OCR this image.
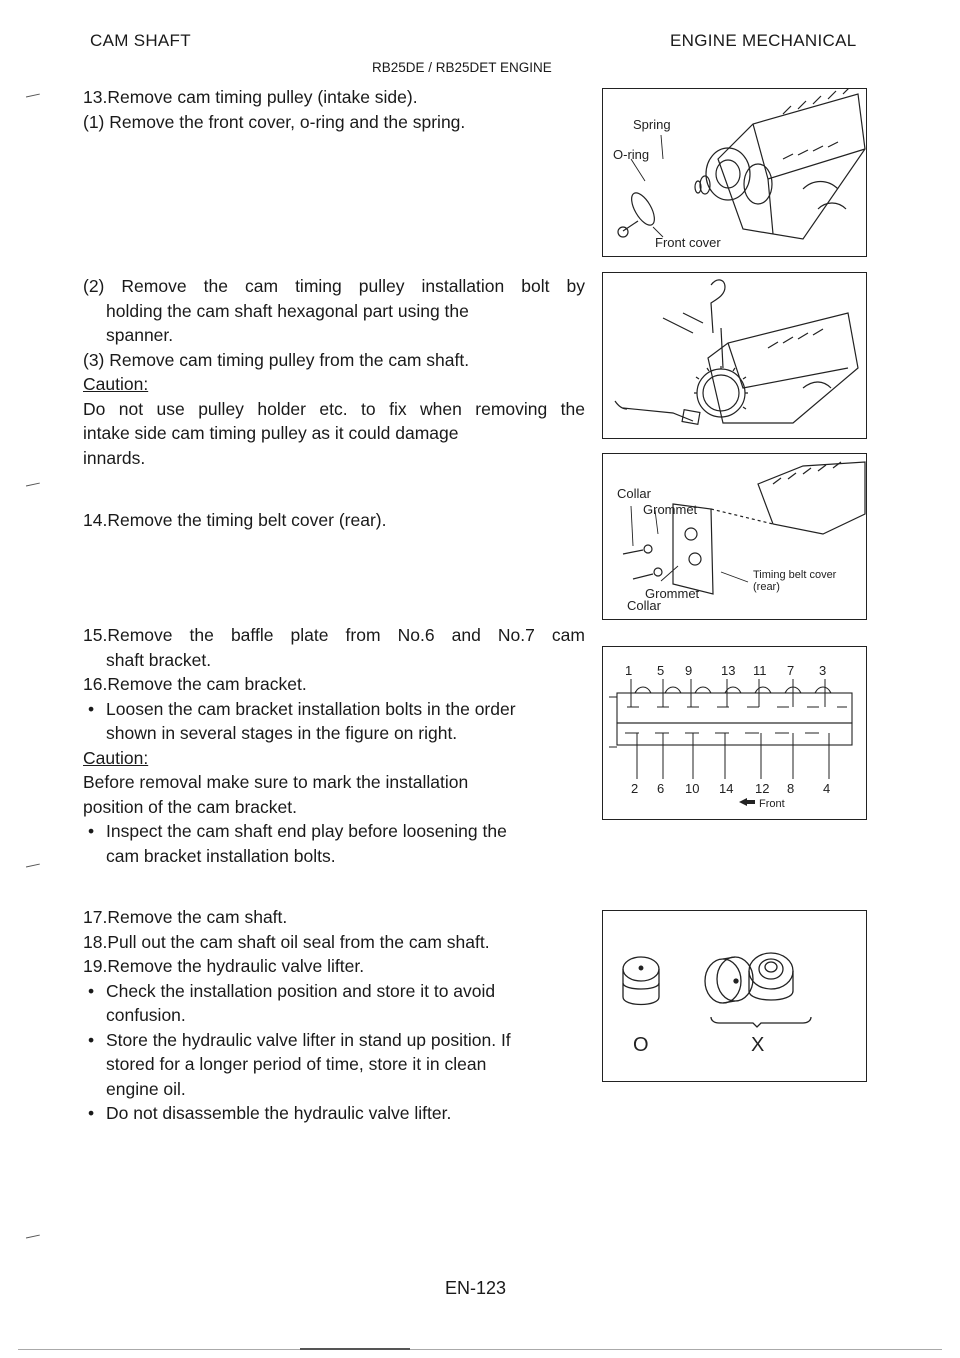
CAM SHAFT	ENGINE MECHANICAL
RB25DE / RB25DET ENGINE

13.Remove cam timing pulley (intake side).

(1) Remove the front cover, o-ring and the spring.

(2) Remove the cam timing pulley installation bolt by

holding the cam shaft hexagonal part using the

spanner.

(3) Remove cam timing pulley from the cam shaft.

Caution:

Do not use pulley holder etc. to fix when removing the

intake side cam timing pulley as it could damage

innards.

14.Remove the timing belt cover (rear).

15.Remove the baffle plate from No.6 and No.7 cam

shaft bracket.

16.Remove the cam bracket.

• Loosen the cam bracket installation bolts in the order

shown in several stages in the figure on right.

Caution:

Before removal make sure to mark the installation

position of the cam bracket.

• Inspect the cam shaft end play before loosening the

cam bracket installation bolts.

17.Remove the cam shaft.

18.Pull out the cam shaft oil seal from the cam shaft.

19.Remove the hydraulic valve lifter.

• Check the installation position and store it to avoid

confusion.

• Store the hydraulic valve lifter in stand up position. If

stored for a longer period of time, store it in clean

engine oil.

• Do not disassemble the hydraulic valve lifter.

Spring
O-ring
Front cover
Collar
Grommet
Timing belt cover
(rear)
Grommet
Collar
1 5 9 13 11 7 3
2 6 10 14 12 8 4
Front
O	X
EN-123
